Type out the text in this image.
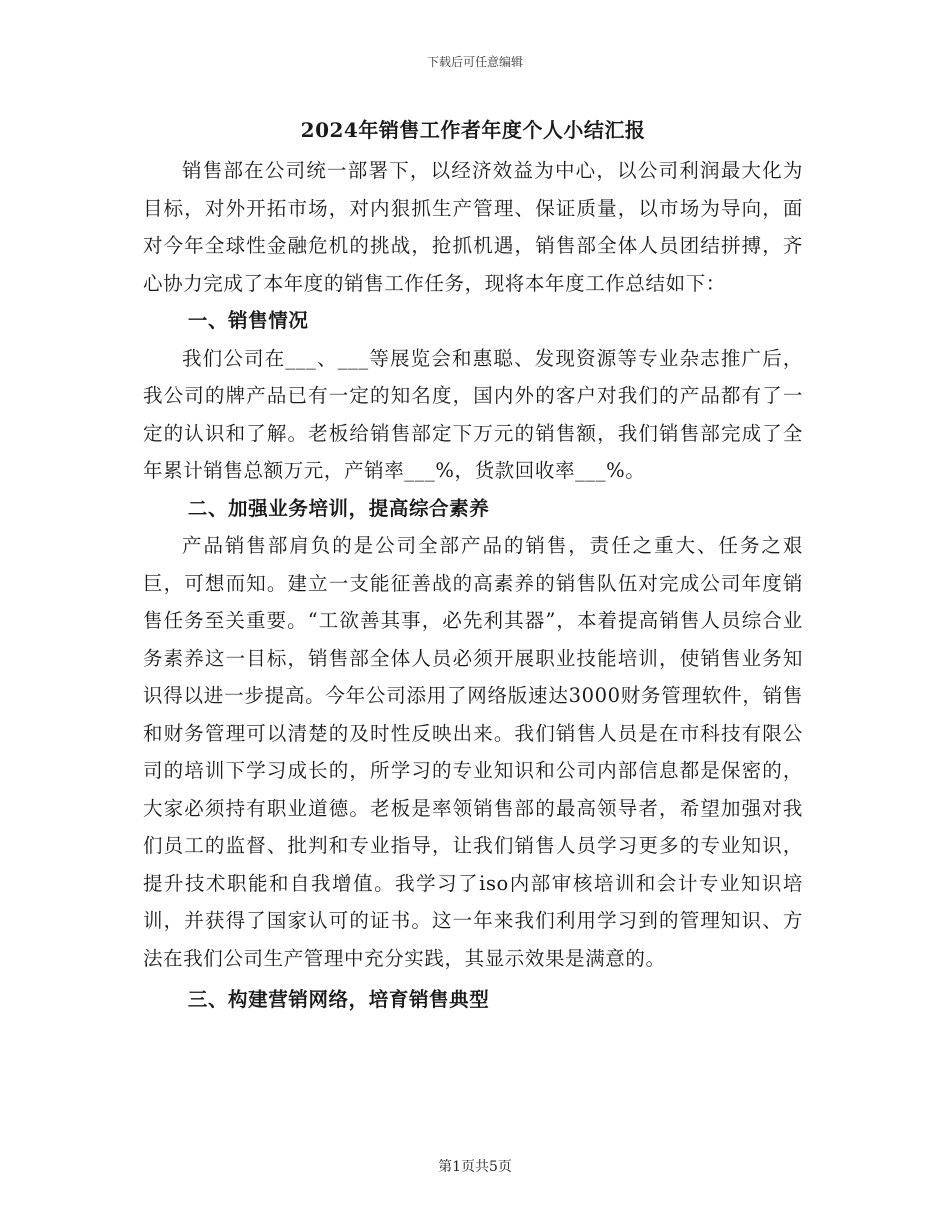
下载后可任意编辑
2024年销售工作者年度个人小结汇报

销售部在公司统一部署下，以经济效益为中心，以公司利润最大化为目标，对外开拓市场，对内狠抓生产管理、保证质量，以市场为导向，面对今年全球性金融危机的挑战，抢抓机遇，销售部全体人员团结拼搏，齐心协力完成了本年度的销售工作任务，现将本年度工作总结如下：

一、销售情况

我们公司在___、___等展览会和惠聪、发现资源等专业杂志推广后，我公司的牌产品已有一定的知名度，国内外的客户对我们的产品都有了一定的认识和了解。老板给销售部定下万元的销售额，我们销售部完成了全年累计销售总额万元，产销率___%，货款回收率___%。

二、加强业务培训，提高综合素养

产品销售部肩负的是公司全部产品的销售，责任之重大、任务之艰巨，可想而知。建立一支能征善战的高素养的销售队伍对完成公司年度销售任务至关重要。“工欲善其事，必先利其器”，本着提高销售人员综合业务素养这一目标，销售部全体人员必须开展职业技能培训，使销售业务知识得以进一步提高。今年公司添用了网络版速达3000财务管理软件，销售和财务管理可以清楚的及时性反映出来。我们销售人员是在市科技有限公司的培训下学习成长的，所学习的专业知识和公司内部信息都是保密的，大家必须持有职业道德。老板是率领销售部的最高领导者，希望加强对我们员工的监督、批判和专业指导，让我们销售人员学习更多的专业知识，提升技术职能和自我增值。我学习了iso内部审核培训和会计专业知识培训，并获得了国家认可的证书。这一年来我们利用学习到的管理知识、方法在我们公司生产管理中充分实践，其显示效果是满意的。

三、构建营销网络，培育销售典型

第1页共5页
